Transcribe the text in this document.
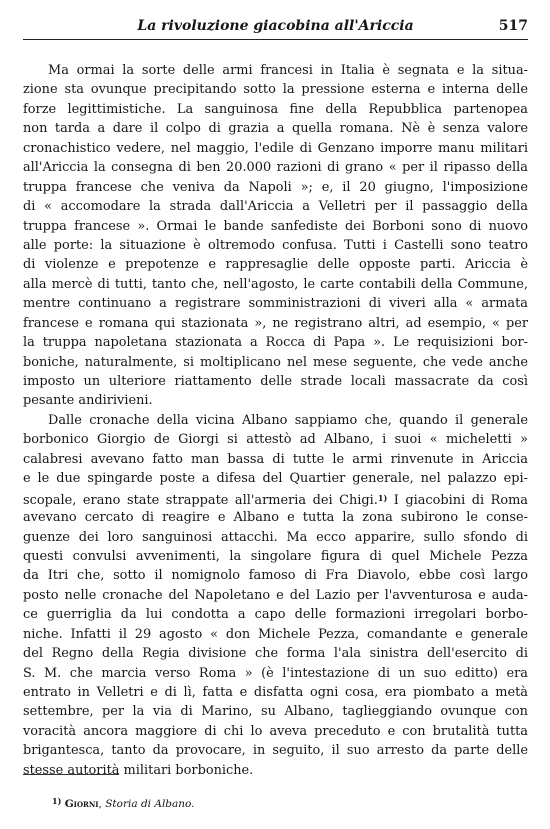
La rivoluzione giacobina all'Ariccia	517
Ma ormai la sorte delle armi francesi in Italia è segnata e la situa-
zione sta ovunque precipitando sotto la pressione esterna e interna delle
forze legittimistiche. La sanguinosa fine della Repubblica partenopea
non tarda a dare il colpo di grazia a quella romana. Nè è senza valore
cronachistico vedere, nel maggio, l'edile di Genzano imporre manu militari
all'Ariccia la consegna di ben 20.000 razioni di grano « per il ripasso della
truppa francese che veniva da Napoli »; e, il 20 giugno, l'imposizione
di « accomodare la strada dall'Ariccia a Velletri per il passaggio della
truppa francese ». Ormai le bande sanfediste dei Borboni sono di nuovo
alle porte: la situazione è oltremodo confusa. Tutti i Castelli sono teatro
di violenze e prepotenze e rappresaglie delle opposte parti. Ariccia è
alla mercè di tutti, tanto che, nell'agosto, le carte contabili della Commune,
mentre continuano a registrare somministrazioni di viveri alla « armata
francese e romana qui stazionata », ne registrano altri, ad esempio, « per
la truppa napoletana stazionata a Rocca di Papa ». Le requisizioni bor-
boniche, naturalmente, si moltiplicano nel mese seguente, che vede anche
imposto un ulteriore riattamento delle strade locali massacrate da così
pesante andirivieni.
Dalle cronache della vicina Albano sappiamo che, quando il generale
borbonico Giorgio de Giorgi si attestò ad Albano, i suoi « micheletti »
calabresi avevano fatto man bassa di tutte le armi rinvenute in Ariccia
e le due spingarde poste a difesa del Quartier generale, nel palazzo epi-
scopale, erano state strappate all'armeria dei Chigi.$^{1)}$ I giacobini di Roma
avevano cercato di reagire e Albano e tutta la zona subirono le conse-
guenze dei loro sanguinosi attacchi. Ma ecco apparire, sullo sfondo di
questi convulsi avvenimenti, la singolare figura di quel Michele Pezza
da Itri che, sotto il nomignolo famoso di Fra Diavolo, ebbe così largo
posto nelle cronache del Napoletano e del Lazio per l'avventurosa e auda-
ce guerriglia da lui condotta a capo delle formazioni irregolari borbo-
niche. Infatti il 29 agosto « don Michele Pezza, comandante e generale
del Regno della Regia divisione che forma l'ala sinistra dell'esercito di
S. M. che marcia verso Roma » (è l'intestazione di un suo editto) era
entrato in Velletri e di lì, fatta e disfatta ogni cosa, era piombato a metà
settembre, per la via di Marino, su Albano, taglieggiando ovunque con
voracità ancora maggiore di chi lo aveva preceduto e con brutalità tutta
brigantesca, tanto da provocare, in seguito, il suo arresto da parte delle
stesse autorità militari borboniche.
$^{1)}$ Giorni, Storia di Albano.
